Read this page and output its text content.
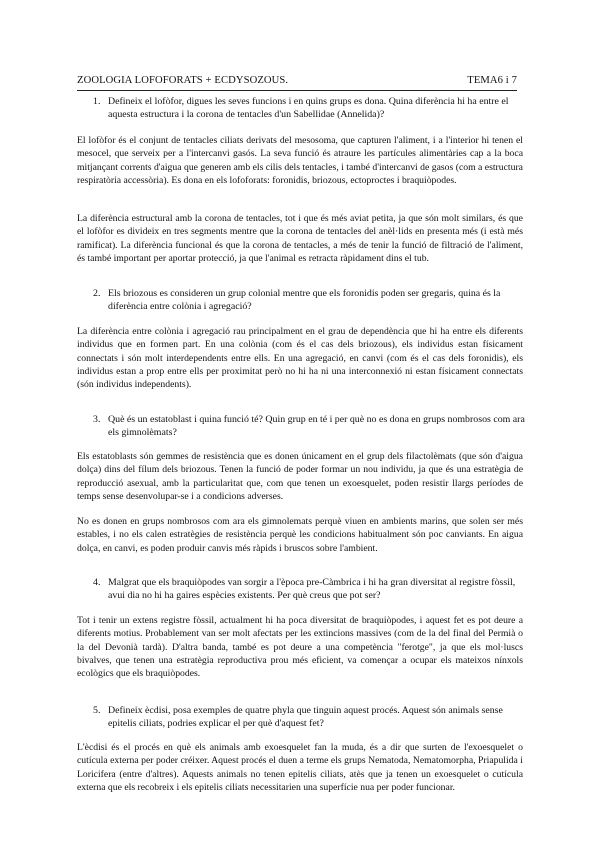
ZOOLOGIA LOFOFORATS + ECDYSOZOUS.	TEMA6 i 7
1. Defineix el lofòfor, digues les seves funcions i en quins grups es dona. Quina diferència hi ha entre el aquesta estructura i la corona de tentacles d'un Sabellidae (Annelida)?
El lofòfor és el conjunt de tentacles ciliats derivats del mesosoma, que capturen l'aliment, i a l'interior hi tenen el mesocel, que serveix per a l'intercanvi gasós. La seva funció és atraure les partícules alimentàries cap a la boca mitjançant corrents d'aigua que generen amb els cilis dels tentacles, i també d'intercanvi de gasos (com a estructura respiratòria accessòria). Es dona en els lofoforats: foronidis, briozous, ectoproctes i braquiòpodes.
La diferència estructural amb la corona de tentacles, tot i que és més aviat petita, ja que són molt similars, és que el lofòfor es divideix en tres segments mentre que la corona de tentacles del anèl·lids en presenta més (i està més ramificat). La diferència funcional és que la corona de tentacles, a més de tenir la funció de filtració de l'aliment, és també important per aportar protecció, ja que l'animal es retracta ràpidament dins el tub.
2. Els briozous es consideren un grup colonial mentre que els foronidis poden ser gregaris, quina és la diferència entre colònia i agregació?
La diferència entre colònia i agregació rau principalment en el grau de dependència que hi ha entre els diferents individus que en formen part. En una colònia (com és el cas dels briozous), els individus estan físicament connectats i són molt interdependents entre ells. En una agregació, en canvi (com és el cas dels foronidis), els individus estan a prop entre ells per proximitat però no hi ha ni una interconnexió ni estan físicament connectats (són individus independents).
3. Què és un estatoblast i quina funció té? Quin grup en té i per què no es dona en grups nombrosos com ara els gimnolèmats?
Els estatoblasts són gemmes de resistència que es donen únicament en el grup dels filactolèmats (que són d'aigua dolça) dins del fílum dels briozous. Tenen la funció de poder formar un nou individu, ja que és una estratègia de reproducció asexual, amb la particularitat que, com que tenen un exoesquelet, poden resistir llargs períodes de temps sense desenvolupar-se i a condicions adverses.
No es donen en grups nombrosos com ara els gimnolemats perquè viuen en ambients marins, que solen ser més estables, i no els calen estratègies de resistència perquè les condicions habitualment són poc canviants. En aigua dolça, en canvi, es poden produir canvis més ràpids i bruscos sobre l'ambient.
4. Malgrat que els braquiòpodes van sorgir a l'època pre-Càmbrica i hi ha gran diversitat al registre fòssil, avui dia no hi ha gaires espècies existents. Per què creus que pot ser?
Tot i tenir un extens registre fòssil, actualment hi ha poca diversitat de braquiòpodes, i aquest fet es pot deure a diferents motius. Probablement van ser molt afectats per les extincions massives (com de la del final del Permià o la del Devonià tardà). D'altra banda, també es pot deure a una competència "ferotge", ja que els mol·luscs bivalves, que tenen una estratègia reproductiva prou més eficient, va començar a ocupar els mateixos nínxols ecològics que els braquiòpodes.
5. Defineix ècdisi, posa exemples de quatre phyla que tinguin aquest procés. Aquest són animals sense epitelis ciliats, podries explicar el per què d'aquest fet?
L'ècdisi és el procés en què els animals amb exoesquelet fan la muda, és a dir que surten de l'exoesquelet o cutícula externa per poder créixer. Aquest procés el duen a terme els grups Nematoda, Nematomorpha, Priapulida i Loricifera (entre d'altres). Aquests animals no tenen epitelis ciliats, atès que ja tenen un exoesquelet o cutícula externa que els recobreix i els epitelis ciliats necessitarien una superfície nua per poder funcionar.
